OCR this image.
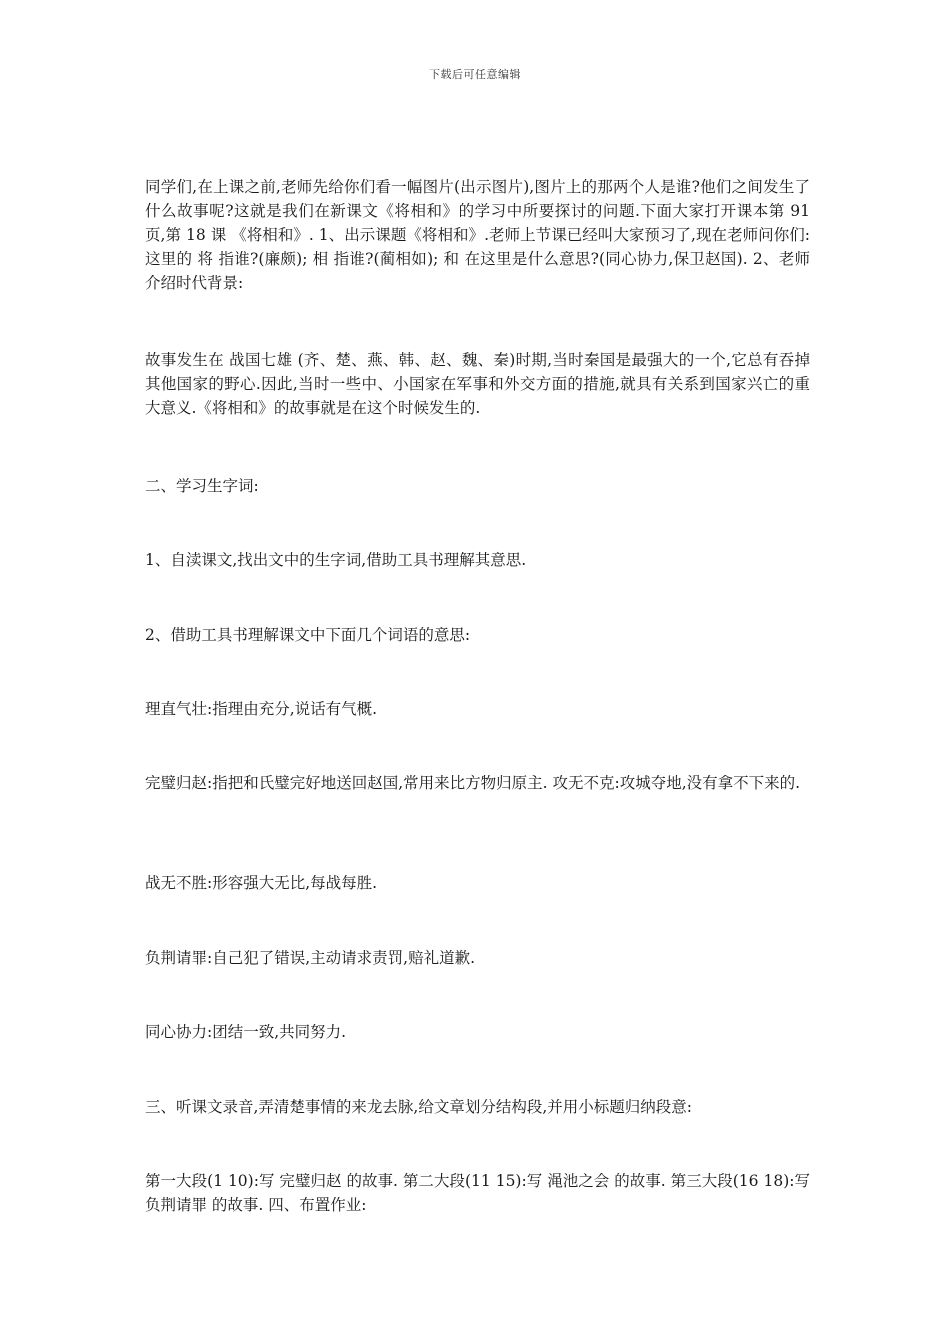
下载后可任意编辑

同学们,在上课之前,老师先给你们看一幅图片(出示图片),图片上的那两个人是谁?他们之间发生了什么故事呢?这就是我们在新课文《将相和》的学习中所要探讨的问题.下面大家打开课本第 91 页,第 18 课 《将相和》. 1、出示课题《将相和》.老师上节课已经叫大家预习了,现在老师问你们:这里的 将 指谁?(廉颇); 相 指谁?(蔺相如); 和 在这里是什么意思?(同心协力,保卫赵国). 2、老师介绍时代背景:

故事发生在 战国七雄 (齐、楚、燕、韩、赵、魏、秦)时期,当时秦国是最强大的一个,它总有吞掉其他国家的野心.因此,当时一些中、小国家在军事和外交方面的措施,就具有关系到国家兴亡的重大意义.《将相和》的故事就是在这个时候发生的.

二、学习生字词:

1、自渎课文,找出文中的生字词,借助工具书理解其意思.

2、借助工具书理解课文中下面几个词语的意思:

理直气壮:指理由充分,说话有气概.

完璧归赵:指把和氏璧完好地送回赵国,常用来比方物归原主. 攻无不克:攻城夺地,没有拿不下来的.

战无不胜:形容强大无比,每战每胜.

负荆请罪:自己犯了错误,主动请求责罚,赔礼道歉.

同心协力:团结一致,共同努力.

三、听课文录音,弄清楚事情的来龙去脉,给文章划分结构段,并用小标题归纳段意:

第一大段(1 10):写 完璧归赵 的故事. 第二大段(11 15):写 渑池之会 的故事. 第三大段(16 18):写 负荆请罪 的故事. 四、布置作业:
